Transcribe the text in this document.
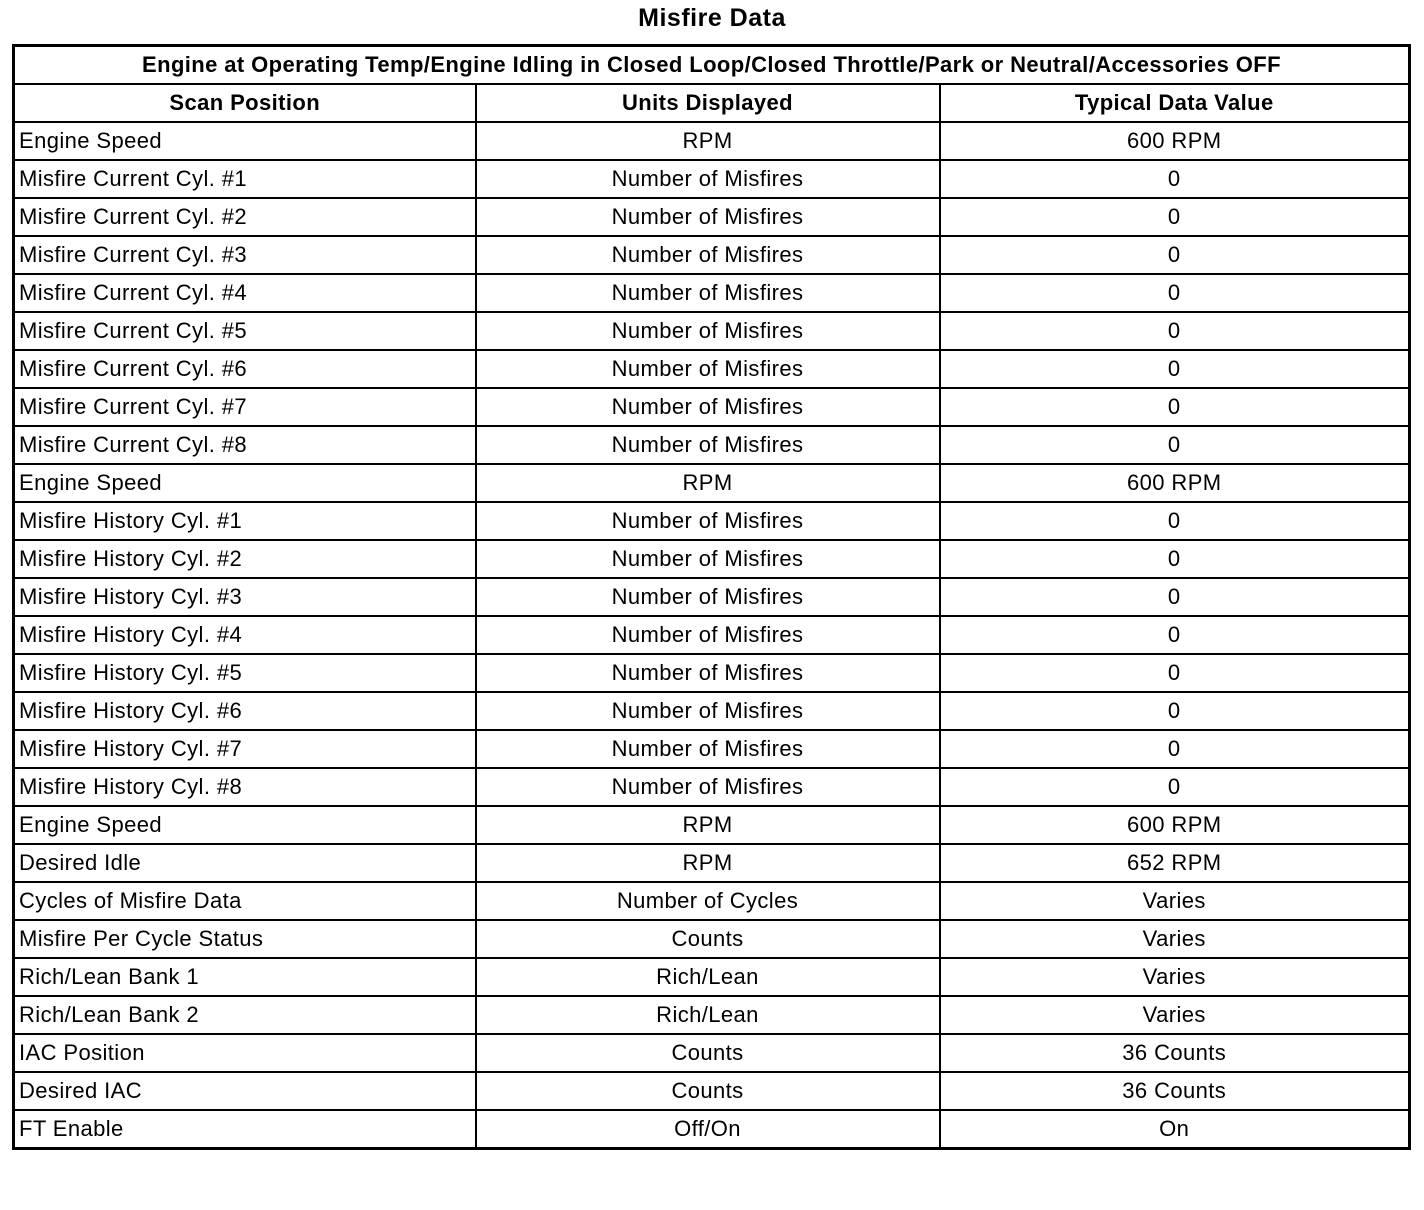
Misfire Data
Engine at Operating Temp/Engine Idling in Closed Loop/Closed Throttle/Park or Neutral/Accessories OFF		
Scan Position	Units Displayed	Typical Data Value
Engine Speed	RPM	600 RPM
Misfire Current Cyl. #1	Number of Misfires	0
Misfire Current Cyl. #2	Number of Misfires	0
Misfire Current Cyl. #3	Number of Misfires	0
Misfire Current Cyl. #4	Number of Misfires	0
Misfire Current Cyl. #5	Number of Misfires	0
Misfire Current Cyl. #6	Number of Misfires	0
Misfire Current Cyl. #7	Number of Misfires	0
Misfire Current Cyl. #8	Number of Misfires	0
Engine Speed	RPM	600 RPM
Misfire History Cyl. #1	Number of Misfires	0
Misfire History Cyl. #2	Number of Misfires	0
Misfire History Cyl. #3	Number of Misfires	0
Misfire History Cyl. #4	Number of Misfires	0
Misfire History Cyl. #5	Number of Misfires	0
Misfire History Cyl. #6	Number of Misfires	0
Misfire History Cyl. #7	Number of Misfires	0
Misfire History Cyl. #8	Number of Misfires	0
Engine Speed	RPM	600 RPM
Desired Idle	RPM	652 RPM
Cycles of Misfire Data	Number of Cycles	Varies
Misfire Per Cycle Status	Counts	Varies
Rich/Lean Bank 1	Rich/Lean	Varies
Rich/Lean Bank 2	Rich/Lean	Varies
IAC Position	Counts	36 Counts
Desired IAC	Counts	36 Counts
FT Enable	Off/On	On
